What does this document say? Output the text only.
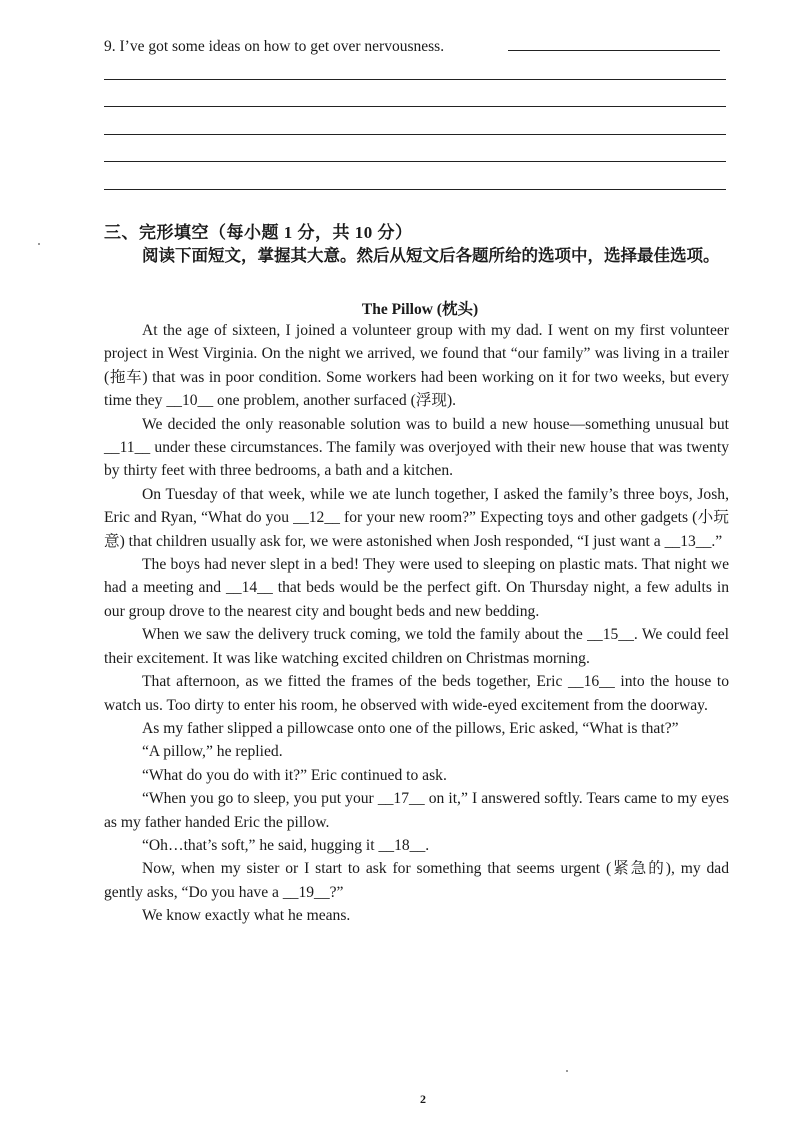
9. I’ve got some ideas on how to get over nervousness.
三、完形填空（每小题 1 分，共 10 分）
阅读下面短文，掌握其大意。然后从短文后各题所给的选项中，选择最佳选项。
The Pillow (枕头)

At the age of sixteen, I joined a volunteer group with my dad. I went on my first volunteer project in West Virginia. On the night we arrived, we found that “our family” was living in a trailer (拖车) that was in poor condition. Some workers had been working on it for two weeks, but every time they __10__ one problem, another surfaced (浮现).

We decided the only reasonable solution was to build a new house—something unusual but __11__ under these circumstances. The family was overjoyed with their new house that was twenty by thirty feet with three bedrooms, a bath and a kitchen.

On Tuesday of that week, while we ate lunch together, I asked the family’s three boys, Josh, Eric and Ryan, “What do you __12__ for your new room?” Expecting toys and other gadgets (小玩意) that children usually ask for, we were astonished when Josh responded, “I just want a __13__.”

The boys had never slept in a bed! They were used to sleeping on plastic mats. That night we had a meeting and __14__ that beds would be the perfect gift. On Thursday night, a few adults in our group drove to the nearest city and bought beds and new bedding.

When we saw the delivery truck coming, we told the family about the __15__. We could feel their excitement. It was like watching excited children on Christmas morning.

That afternoon, as we fitted the frames of the beds together, Eric __16__ into the house to watch us. Too dirty to enter his room, he observed with wide-eyed excitement from the doorway.

As my father slipped a pillowcase onto one of the pillows, Eric asked, “What is that?”

“A pillow,” he replied.

“What do you do with it?” Eric continued to ask.

“When you go to sleep, you put your __17__ on it,” I answered softly. Tears came to my eyes as my father handed Eric the pillow.

“Oh…that’s soft,” he said, hugging it __18__.

Now, when my sister or I start to ask for something that seems urgent (紧急的), my dad gently asks, “Do you have a __19__?”

We know exactly what he means.

2
